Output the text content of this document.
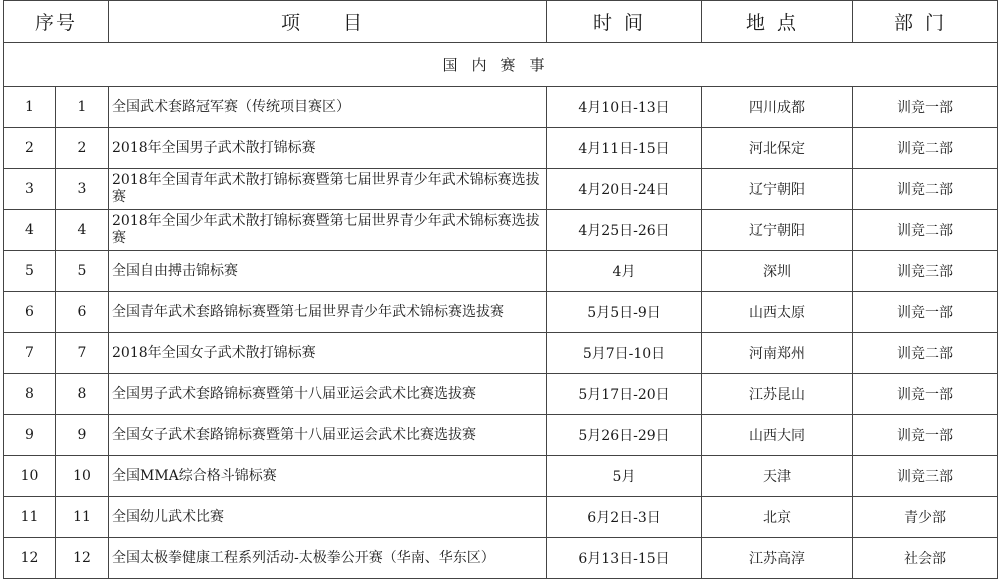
序号		项　目	时间	地点	部门
国内赛事					
1	1	全国武术套路冠军赛（传统项目赛区）	4月10日-13日	四川成都	训竞一部
2	2	2018年全国男子武术散打锦标赛	4月11日-15日	河北保定	训竞二部
3	3	2018年全国青年武术散打锦标赛暨第七届世界青少年武术锦标赛选拔赛	4月20日-24日	辽宁朝阳	训竞二部
4	4	2018年全国少年武术散打锦标赛暨第七届世界青少年武术锦标赛选拔赛	4月25日-26日	辽宁朝阳	训竞二部
5	5	全国自由搏击锦标赛	4月	深圳	训竞三部
6	6	全国青年武术套路锦标赛暨第七届世界青少年武术锦标赛选拔赛	5月5日-9日	山西太原	训竞一部
7	7	2018年全国女子武术散打锦标赛	5月7日-10日	河南郑州	训竞二部
8	8	全国男子武术套路锦标赛暨第十八届亚运会武术比赛选拔赛	5月17日-20日	江苏昆山	训竞一部
9	9	全国女子武术套路锦标赛暨第十八届亚运会武术比赛选拔赛	5月26日-29日	山西大同	训竞一部
10	10	全国MMA综合格斗锦标赛	5月	天津	训竞三部
11	11	全国幼儿武术比赛	6月2日-3日	北京	青少部
12	12	全国太极拳健康工程系列活动-太极拳公开赛（华南、华东区）	6月13日-15日	江苏高淳	社会部
